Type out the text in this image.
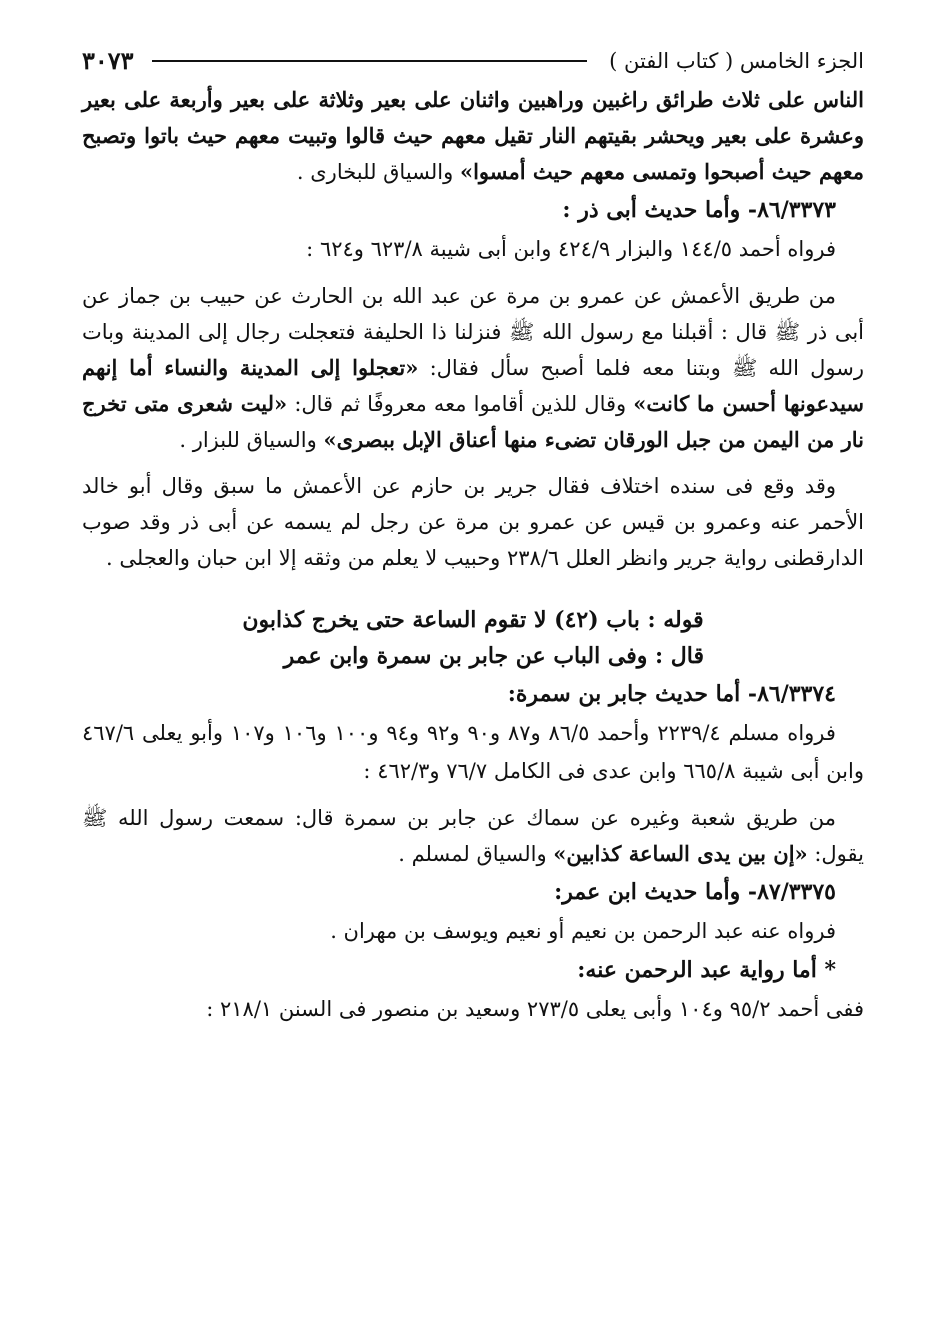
الجزء الخامس ( كتاب الفتن )
٣٠٧٣

الناس على ثلاث طرائق راغبين وراهبين واثنان على بعير وثلاثة على بعير وأربعة على بعير وعشرة على بعير ويحشر بقيتهم النار تقيل معهم حيث قالوا وتبيت معهم حيث باتوا وتصبح معهم حيث أصبحوا وتمسى معهم حيث أمسوا» والسياق للبخارى .

٨٦/٣٣٧٣- وأما حديث أبى ذر :

فرواه أحمد ١٤٤/٥ والبزار ٤٢٤/٩ وابن أبى شيبة ٦٢٣/٨ و٦٢٤ :

من طريق الأعمش عن عمرو بن مرة عن عبد الله بن الحارث عن حبيب بن جماز عن أبى ذر ﷺ قال : أقبلنا مع رسول الله ﷺ فنزلنا ذا الحليفة فتعجلت رجال إلى المدينة وبات رسول الله ﷺ وبتنا معه فلما أصبح سأل فقال: «تعجلوا إلى المدينة والنساء أما إنهم سيدعونها أحسن ما كانت» وقال للذين أقاموا معه معروفًا ثم قال: «ليت شعرى متى تخرج نار من اليمن من جبل الورقان تضىء منها أعناق الإبل ببصرى» والسياق للبزار .

وقد وقع فى سنده اختلاف فقال جرير بن حازم عن الأعمش ما سبق وقال أبو خالد الأحمر عنه وعمرو بن قيس عن عمرو بن مرة عن رجل لم يسمه عن أبى ذر وقد صوب الدارقطنى رواية جرير وانظر العلل ٢٣٨/٦ وحبيب لا يعلم من وثقه إلا ابن حبان والعجلى .

قوله : باب (٤٢) لا تقوم الساعة حتى يخرج كذابون
قال : وفى الباب عن جابر بن سمرة وابن عمر
٨٦/٣٣٧٤- أما حديث جابر بن سمرة:

فرواه مسلم ٢٢٣٩/٤ وأحمد ٨٦/٥ و٨٧ و٩٠ و٩٢ و٩٤ و١٠٠ و١٠٦ و١٠٧ وأبو يعلى ٤٦٧/٦ وابن أبى شيبة ٦٦٥/٨ وابن عدى فى الكامل ٧٦/٧ و٤٦٢/٣ :

من طريق شعبة وغيره عن سماك عن جابر بن سمرة قال: سمعت رسول الله ﷺ يقول: «إن بين يدى الساعة كذابين» والسياق لمسلم .

٨٧/٣٣٧٥- وأما حديث ابن عمر:

فرواه عنه عبد الرحمن بن نعيم أو نعيم ويوسف بن مهران .

* أما رواية عبد الرحمن عنه:

ففى أحمد ٩٥/٢ و١٠٤ وأبى يعلى ٢٧٣/٥ وسعيد بن منصور فى السنن ٢١٨/١ :
